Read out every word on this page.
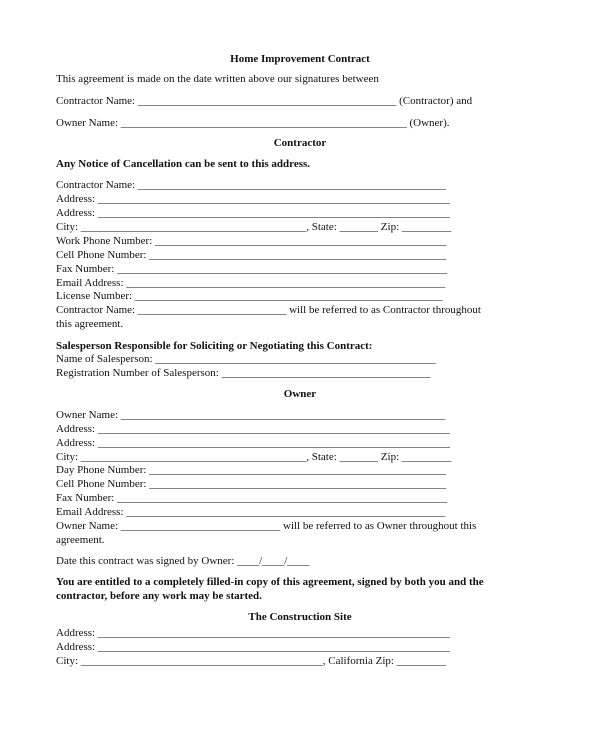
Home Improvement Contract
This agreement is made on the date written above our signatures between
Contractor Name: _______________________________________________ (Contractor) and
Owner Name: ____________________________________________________ (Owner).
Contractor
Any Notice of Cancellation can be sent to this address.
Contractor Name: ________________________________________________________
Address: ________________________________________________________________
Address: ________________________________________________________________
City: _________________________________________, State: _______ Zip: _________
Work Phone Number: _____________________________________________________
Cell Phone Number: ______________________________________________________
Fax Number: ____________________________________________________________
Email Address: __________________________________________________________
License Number: ________________________________________________________
Contractor Name: ___________________________ will be referred to as Contractor throughout
this agreement.
Salesperson Responsible for Soliciting or Negotiating this Contract:
Name of Salesperson: ___________________________________________________
Registration Number of Salesperson: ______________________________________
Owner
Owner Name: ___________________________________________________________
Address: ________________________________________________________________
Address: ________________________________________________________________
City: _________________________________________, State: _______ Zip: _________
Day Phone Number: ______________________________________________________
Cell Phone Number: ______________________________________________________
Fax Number: ____________________________________________________________
Email Address: __________________________________________________________
Owner Name: _____________________________ will be referred to as Owner throughout this
agreement.
Date this contract was signed by Owner: ____/____/____
You are entitled to a completely filled-in copy of this agreement, signed by both you and the
contractor, before any work may be started.
The Construction Site
Address: ________________________________________________________________
Address: ________________________________________________________________
City: ____________________________________________, California Zip: _________
